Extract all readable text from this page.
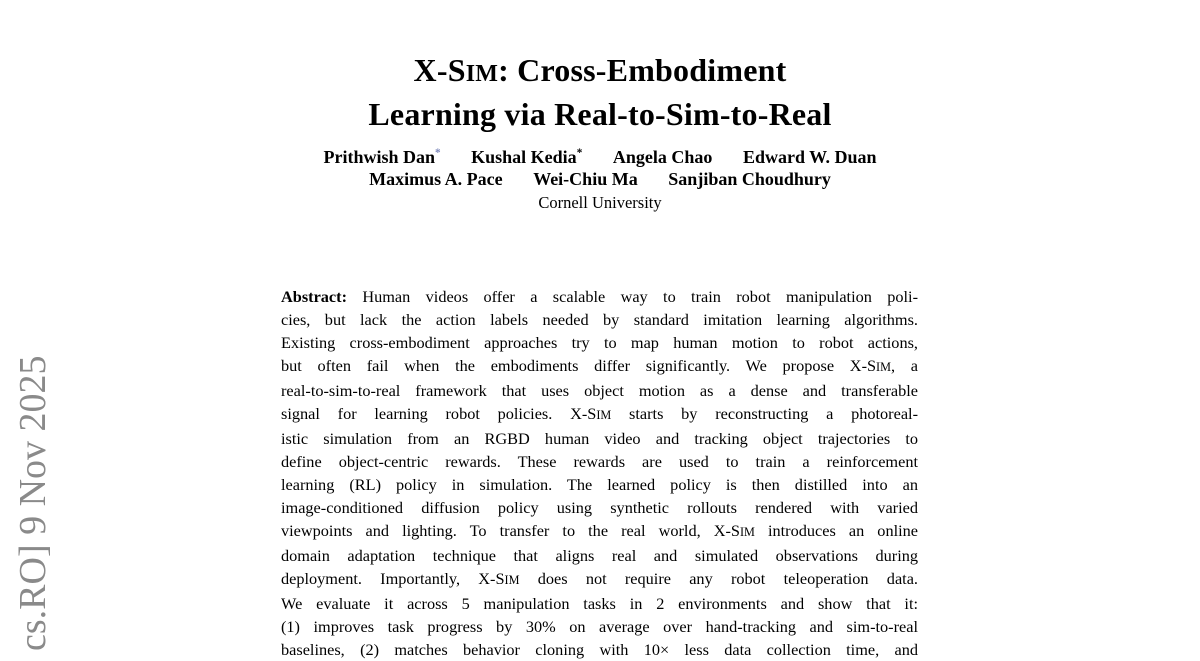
cs.RO] 9 Nov 2025
X-SIM: Cross-Embodiment
Learning via Real-to-Sim-to-Real
Prithwish Dan* Kushal Kedia* Angela Chao Edward W. Duan
Maximus A. Pace Wei-Chiu Ma Sanjiban Choudhury
Cornell University
Abstract: Human videos offer a scalable way to train robot manipulation poli-
cies, but lack the action labels needed by standard imitation learning algorithms.
Existing cross-embodiment approaches try to map human motion to robot actions,
but often fail when the embodiments differ significantly. We propose X-SIM, a
real-to-sim-to-real framework that uses object motion as a dense and transferable
signal for learning robot policies. X-SIM starts by reconstructing a photoreal-
istic simulation from an RGBD human video and tracking object trajectories to
define object-centric rewards. These rewards are used to train a reinforcement
learning (RL) policy in simulation. The learned policy is then distilled into an
image-conditioned diffusion policy using synthetic rollouts rendered with varied
viewpoints and lighting. To transfer to the real world, X-SIM introduces an online
domain adaptation technique that aligns real and simulated observations during
deployment. Importantly, X-SIM does not require any robot teleoperation data.
We evaluate it across 5 manipulation tasks in 2 environments and show that it:
(1) improves task progress by 30% on average over hand-tracking and sim-to-real
baselines, (2) matches behavior cloning with 10× less data collection time, and
